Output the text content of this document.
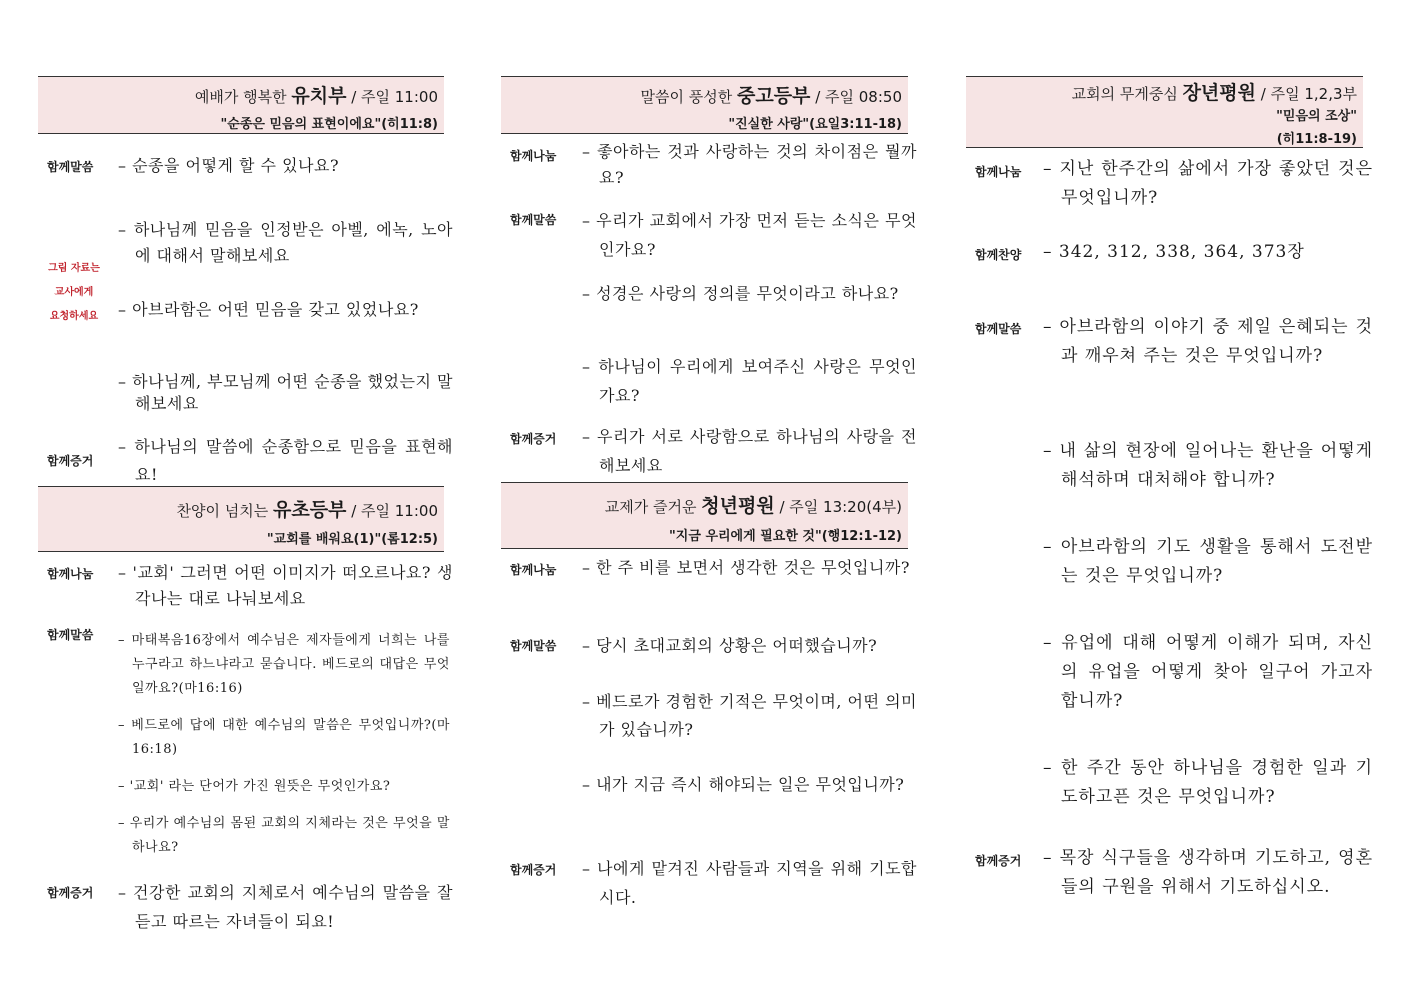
예배가 행복한 유치부 / 주일 11:00
"순종은 믿음의 표현이에요"(히11:8)
함께말씀 – 순종을 어떻게 할 수 있나요?
– 하나님께 믿음을 인정받은 아벨, 에녹, 노아에 대해서 말해보세요
그림 자료는
교사에게
요청하세요	– 아브라함은 어떤 믿음을 갖고 있었나요?
– 하나님께, 부모님께 어떤 순종을 했었는지 말해보세요
함께증거
– 하나님의 말씀에 순종함으로 믿음을 표현해요!
찬양이 넘치는 유초등부 / 주일 11:00
"교회를 배워요(1)"(롬12:5)
함께나눔 – '교회' 그러면 어떤 이미지가 떠오르나요? 생각나는 대로 나눠보세요
함께말씀 – 마태복음16장에서 예수님은 제자들에게 너희는 나를 누구라고 하느냐라고 묻습니다. 베드로의 대답은 무엇일까요?(마16:16)
– 베드로에 답에 대한 예수님의 말씀은 무엇입니까?(마16:18)
– '교회' 라는 단어가 가진 원뜻은 무엇인가요?
– 우리가 예수님의 몸된 교회의 지체라는 것은 무엇을 말하나요?
함께증거 – 건강한 교회의 지체로서 예수님의 말씀을 잘 듣고 따르는 자녀들이 되요!
말씀이 풍성한 중고등부 / 주일 08:50
"진실한 사랑"(요일3:11-18)
함께나눔 – 좋아하는 것과 사랑하는 것의 차이점은 뭘까요?
함께말씀 – 우리가 교회에서 가장 먼저 듣는 소식은 무엇인가요?
– 성경은 사랑의 정의를 무엇이라고 하나요?
– 하나님이 우리에게 보여주신 사랑은 무엇인가요?
함께증거 – 우리가 서로 사랑함으로 하나님의 사랑을 전해보세요
교제가 즐거운 청년평원 / 주일 13:20(4부)
"지금 우리에게 필요한 것"(행12:1-12)
함께나눔 – 한 주 비를 보면서 생각한 것은 무엇입니까?
함께말씀 – 당시 초대교회의 상황은 어떠했습니까?
– 베드로가 경험한 기적은 무엇이며, 어떤 의미가 있습니까?
– 내가 지금 즉시 해야되는 일은 무엇입니까?
함께증거 – 나에게 맡겨진 사람들과 지역을 위해 기도합시다.
교회의 무게중심 장년평원 / 주일 1,2,3부
"믿음의 조상"
(히11:8-19)
함께나눔 – 지난 한주간의 삶에서 가장 좋았던 것은 무엇입니까?
함께찬양 – 342, 312, 338, 364, 373장
함께말씀 – 아브라함의 이야기 중 제일 은혜되는 것과 깨우쳐 주는 것은 무엇입니까?
– 내 삶의 현장에 일어나는 환난을 어떻게 해석하며 대처해야 합니까?
– 아브라함의 기도 생활을 통해서 도전받는 것은 무엇입니까?
– 유업에 대해 어떻게 이해가 되며, 자신의 유업을 어떻게 찾아 일구어 가고자 합니까?
– 한 주간 동안 하나님을 경험한 일과 기도하고픈 것은 무엇입니까?
함께증거 – 목장 식구들을 생각하며 기도하고, 영혼들의 구원을 위해서 기도하십시오.
